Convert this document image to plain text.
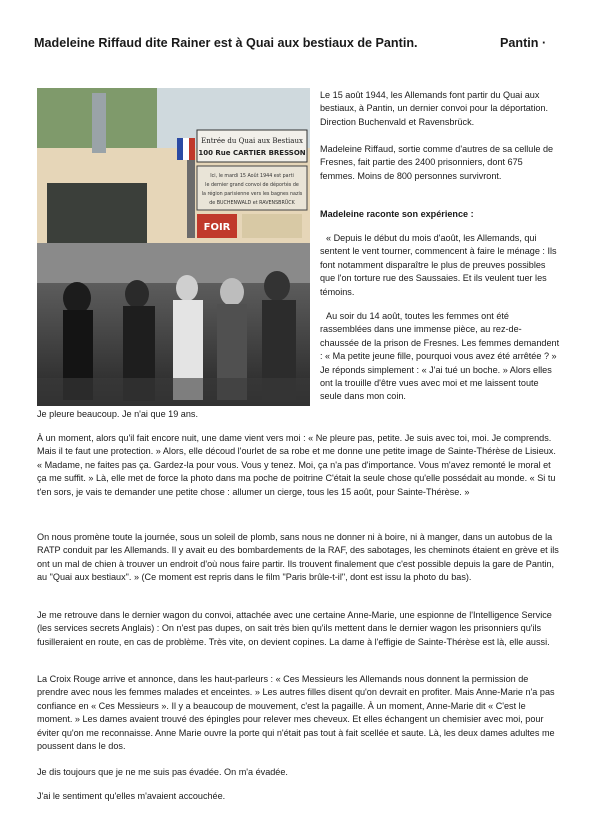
Madeleine Riffaud dite Rainer est à Quai aux bestiaux de Pantin.	Pantin ·
Entrée du Quai aux Bestiaux
100 Rue CARTIER BRESSON
Ici, le mardi 15 Août 1944 est parti
le dernier grand convoi de déportés de
la région parisienne vers les bagnes nazis
de BUCHENWALD et RAVENSBRÜCK
FOIR

Le 15 août 1944, les Allemands font partir du Quai aux bestiaux, à Pantin, un dernier convoi pour la déportation. Direction Buchenvald et Ravensbrück.

Madeleine Riffaud, sortie comme d'autres de sa cellule de Fresnes, fait partie des 2400 prisonniers, dont 675 femmes. Moins de 800 personnes survivront.

Madeleine raconte son expérience :

« Depuis le début du mois d'août, les Allemands, qui sentent le vent tourner, commencent à faire le ménage : Ils font notamment disparaître le plus de preuves possibles que l'on torture rue des Saussaies. Et ils veulent tuer les témoins.

Au soir du 14 août, toutes les femmes ont été rassemblées dans une immense pièce, au rez-de-chaussée de la prison de Fresnes. Les femmes demandent : « Ma petite jeune fille, pourquoi vous avez été arrêtée ? » Je réponds simplement : « J'ai tué un boche. » Alors elles ont la trouille d'être vues avec moi et me laissent toute seule dans mon coin.

Je pleure beaucoup. Je n'ai que 19 ans.

À un moment, alors qu'il fait encore nuit, une dame vient vers moi : « Ne pleure pas, petite. Je suis avec toi, moi. Je comprends. Mais il te faut une protection. » Alors, elle découd l'ourlet de sa robe et me donne une petite image de Sainte-Thérèse de Lisieux. « Madame, ne faites pas ça. Gardez-la pour vous. Vous y tenez. Moi, ça n'a pas d'importance. Vous m'avez remonté le moral et ça me suffit. » Là, elle met de force la photo dans ma poche de poitrine C'était la seule chose qu'elle possédait au monde. « Si tu t'en sors, je vais te demander une petite chose : allumer un cierge, tous les 15 août, pour Sainte-Thérèse. »

On nous promène toute la journée, sous un soleil de plomb, sans nous ne donner ni à boire, ni à manger, dans un autobus de la RATP conduit par les Allemands. Il y avait eu des bombardements de la RAF, des sabotages, les cheminots étaient en grève et ils ont un mal de chien à trouver un endroit d'où nous faire partir. Ils trouvent finalement que c'est possible depuis la gare de Pantin, au "Quai aux bestiaux". » (Ce moment est repris dans le film "Paris brûle-t-il", dont est issu la photo du bas).

Je me retrouve dans le dernier wagon du convoi, attachée avec une certaine Anne-Marie, une espionne de l'Intelligence Service (les services secrets Anglais) : On n'est pas dupes, on sait très bien qu'ils mettent dans le dernier wagon les prisonniers qu'ils fusilleraient en route, en cas de problème. Très vite, on devient copines. La dame à l'effigie de Sainte-Thérèse est là, elle aussi.

La Croix Rouge arrive et annonce, dans les haut-parleurs : « Ces Messieurs les Allemands nous donnent la permission de prendre avec nous les femmes malades et enceintes. » Les autres filles disent qu'on devrait en profiter. Mais Anne-Marie n'a pas confiance en « Ces Messieurs ». Il y a beaucoup de mouvement, c'est la pagaille. À un moment, Anne-Marie dit « C'est le moment. » Les dames avaient trouvé des épingles pour relever mes cheveux. Et elles échangent un chemisier avec moi, pour éviter qu'on me reconnaisse. Anne Marie ouvre la porte qui n'était pas tout à fait scellée et saute. Là, les deux dames adultes me poussent dans le dos.

Je dis toujours que je ne me suis pas évadée. On m'a évadée.

J'ai le sentiment qu'elles m'avaient accouchée.
